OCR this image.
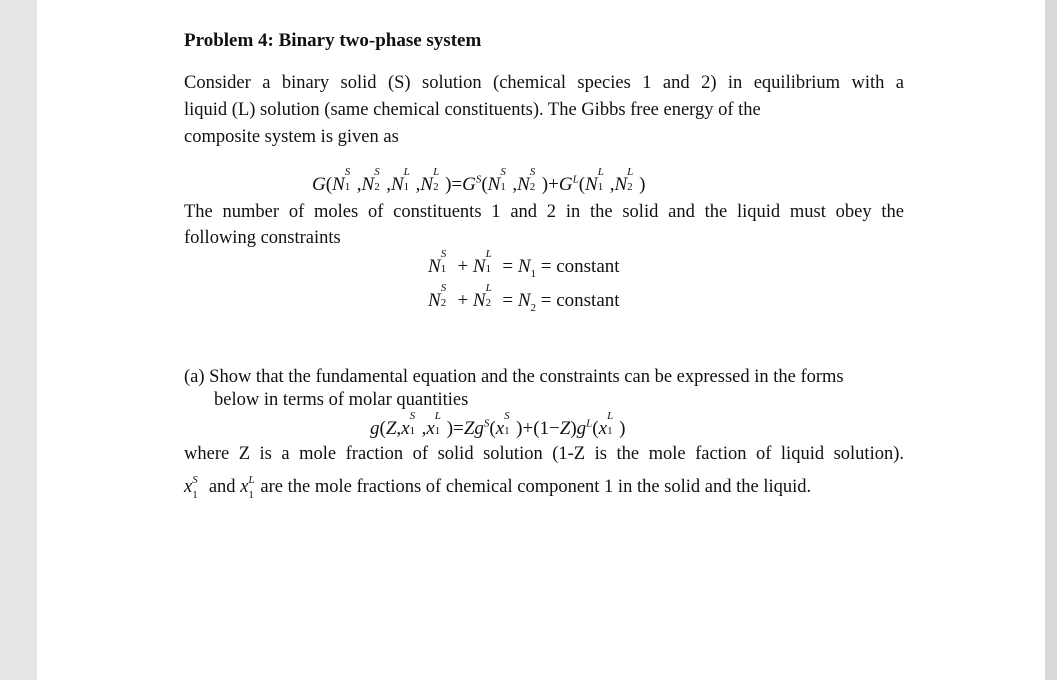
Problem 4: Binary two-phase system
Consider a binary solid (S) solution (chemical species 1 and 2) in equilibrium with a
liquid (L) solution (same chemical constituents). The Gibbs free energy of the
composite system is given as
G(N
S
1 ,N
S
2 ,N
L
1 ,N
L
2 )$=G^S(N$
S
1 ,N
S
2 )$+G^L(N$
L
1 ,N
L
2 )
The number of moles of constituents 1 and 2 in the solid and the liquid must obey the
following constraints
N
S
1 + N
L
$1 = N_1$ = constant
N
S
2 + N
L
$2 = N_2$ = constant
(a) Show that the fundamental equation and the constraints can be expressed in the forms
below in terms of molar quantities
g(Z,x
S
1 ,x
L
1 )$=Zg^S(x$
S
1 )$+(1-Z)g^L(x$
L
1 )
where Z is a mole fraction of solid solution (1-Z is the mole faction of liquid solution).
x S
1 and x L
1 are the mole fractions of chemical component 1 in the solid and the liquid.
